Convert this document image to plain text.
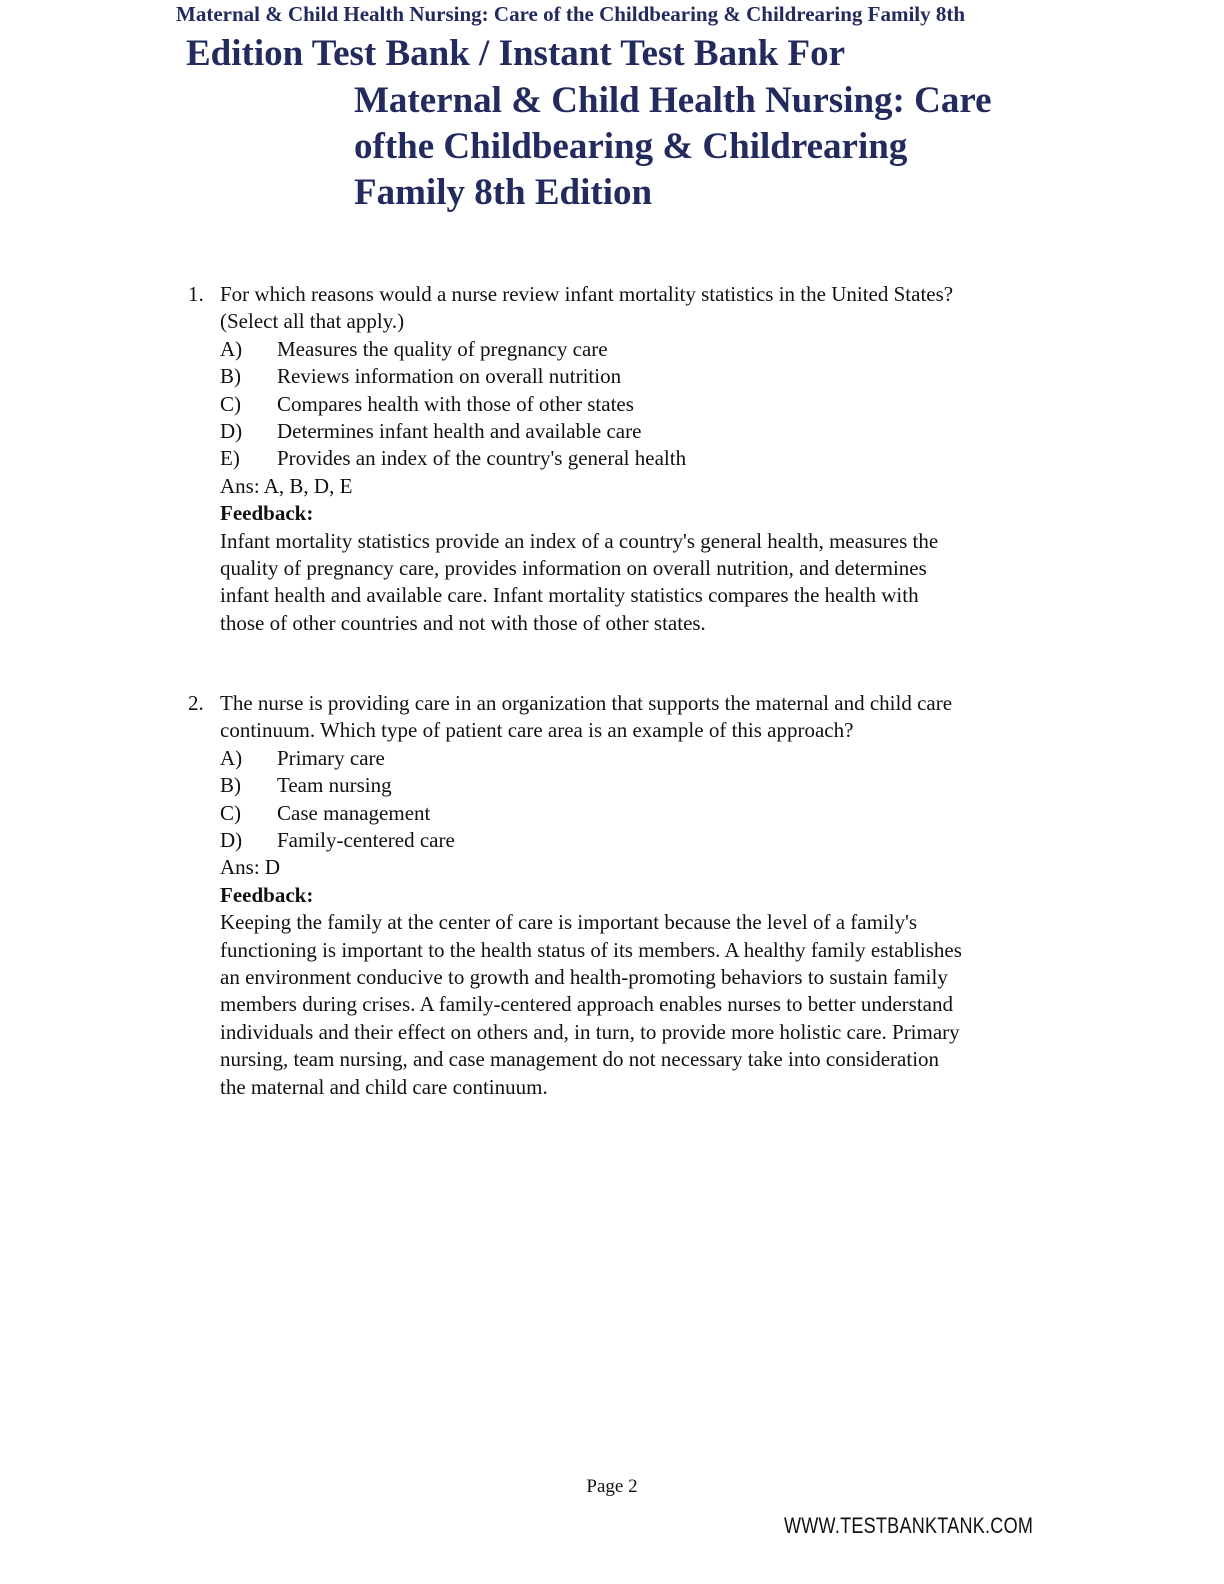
Maternal & Child Health Nursing: Care of the Childbearing & Childrearing Family 8th
Edition Test Bank / Instant Test Bank For
Maternal & Child Health Nursing: Care
ofthe Childbearing & Childrearing
Family 8th Edition
1. For which reasons would a nurse review infant mortality statistics in the United States?
(Select all that apply.)
A)	Measures the quality of pregnancy care
B)	Reviews information on overall nutrition
C)	Compares health with those of other states
D)	Determines infant health and available care
E)	Provides an index of the country's general health
Ans: A, B, D, E
Feedback:
Infant mortality statistics provide an index of a country's general health, measures the
quality of pregnancy care, provides information on overall nutrition, and determines
infant health and available care. Infant mortality statistics compares the health with
those of other countries and not with those of other states.
2. The nurse is providing care in an organization that supports the maternal and child care
continuum. Which type of patient care area is an example of this approach?
A)	Primary care
B)	Team nursing
C)	Case management
D)	Family-centered care
Ans: D
Feedback:
Keeping the family at the center of care is important because the level of a family's
functioning is important to the health status of its members. A healthy family establishes
an environment conducive to growth and health-promoting behaviors to sustain family
members during crises. A family-centered approach enables nurses to better understand
individuals and their effect on others and, in turn, to provide more holistic care. Primary
nursing, team nursing, and case management do not necessary take into consideration
the maternal and child care continuum.
Page 2
WWW.TESTBANKTANK.COM
